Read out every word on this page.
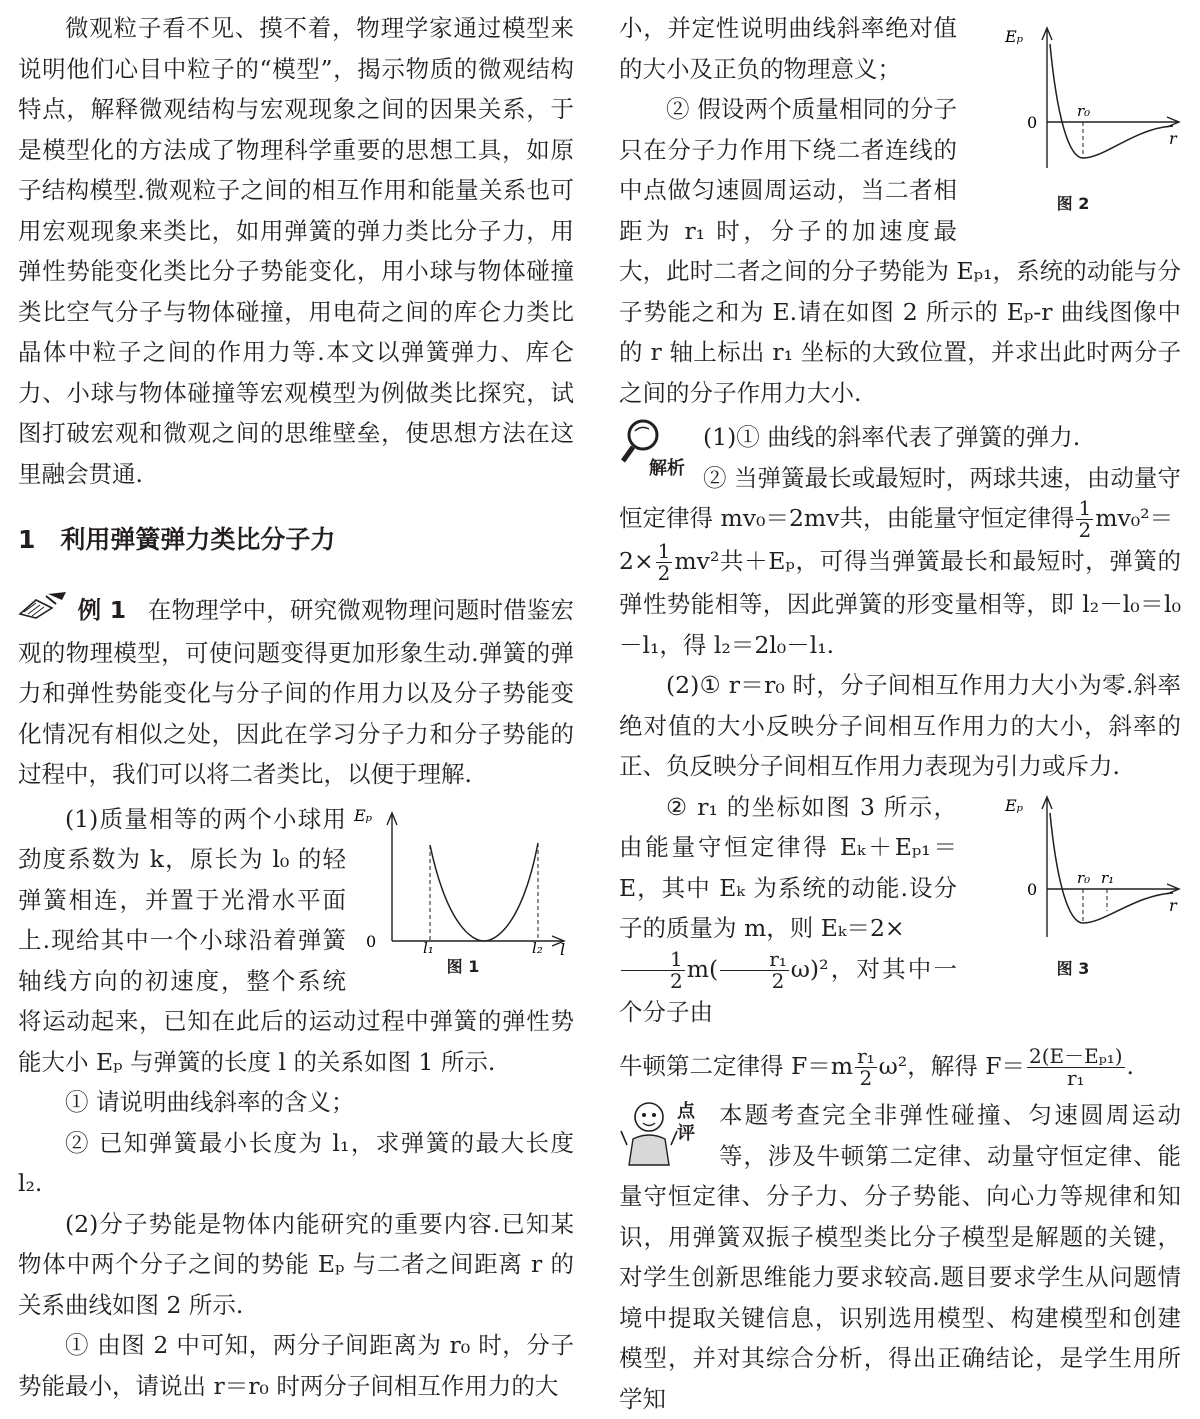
微观粒子看不见、摸不着，物理学家通过模型来说明他们心目中粒子的“模型”，揭示物质的微观结构特点，解释微观结构与宏观现象之间的因果关系，于是模型化的方法成了物理科学重要的思想工具，如原子结构模型.微观粒子之间的相互作用和能量关系也可用宏观现象来类比，如用弹簧的弹力类比分子力，用弹性势能变化类比分子势能变化，用小球与物体碰撞类比空气分子与物体碰撞，用电荷之间的库仑力类比晶体中粒子之间的作用力等.本文以弹簧弹力、库仑力、小球与物体碰撞等宏观模型为例做类比探究，试图打破宏观和微观之间的思维壁垒，使思想方法在这里融会贯通.

1　利用弹簧弹力类比分子力

例 1 在物理学中，研究微观物理问题时借鉴宏观的物理模型，可使问题变得更加形象生动.弹簧的弹力和弹性势能变化与分子间的作用力以及分子势能变化情况有相似之处，因此在学习分子力和分子势能的过程中，我们可以将二者类比，以便于理解.

Eₚ
0	l₁	l₂ l
图 1

(1)质量相等的两个小球用劲度系数为 k，原长为 l₀ 的轻弹簧相连，并置于光滑水平面上.现给其中一个小球沿着弹簧轴线方向的初速度，整个系统将运动起来，已知在此后的运动过程中弹簧的弹性势能大小 Eₚ 与弹簧的长度 l 的关系如图 1 所示.

① 请说明曲线斜率的含义；

② 已知弹簧最小长度为 l₁，求弹簧的最大长度 l₂.

(2)分子势能是物体内能研究的重要内容.已知某物体中两个分子之间的势能 Eₚ 与二者之间距离 r 的关系曲线如图 2 所示.

① 由图 2 中可知，两分子间距离为 r₀ 时，分子势能最小，请说出 r＝r₀ 时两分子间相互作用力的大

Eₚ
0
r₀
r
图 2

小，并定性说明曲线斜率绝对值的大小及正负的物理意义；

② 假设两个质量相同的分子只在分子力作用下绕二者连线的中点做匀速圆周运动，当二者相距为 r₁ 时，分子的加速度最大，此时二者之间的分子势能为 Eₚ₁，系统的动能与分子势能之和为 E.请在如图 2 所示的 Eₚ-r 曲线图像中的 r 轴上标出 r₁ 坐标的大致位置，并求出此时两分子之间的分子作用力大小.

解析

(1)① 曲线的斜率代表了弹簧的弹力.

② 当弹簧最长或最短时，两球共速，由动量守恒定律得 mv₀＝2mv共，由能量守恒定律得 $\frac{1}{2} mv_0^2=$
$2\times \frac{1}{2} mv^2$共＋Eₚ，可得当弹簧最长和最短时，弹簧的弹性势能相等，因此弹簧的形变量相等，即 l₂－l₀＝l₀－l₁，得 l₂＝2l₀－l₁.

(2)① r＝r₀ 时，分子间相互作用力大小为零.斜率绝对值的大小反映分子间相互作用力的大小，斜率的正、负反映分子间相互作用力表现为引力或斥力.

Eₚ
0
r₀ r₁
r
图 3

② r₁ 的坐标如图 3 所示，由能量守恒定律得 Eₖ＋Eₚ₁＝E，其中 Eₖ 为系统的动能.设分子的质量为 m，则 Eₖ＝2×

$\frac{1}{2} m( \frac{\text{r₁}}{2} \omega)^2$，对其中一个分子由

牛顿第二定律得 $F=m \frac{\text{r₁}}{2} \omega^2$，解得 $F= \frac{\text{2(E－Eₚ₁)}}{\text{r₁}}$ .

点
评

本题考查完全非弹性碰撞、匀速圆周运动等，涉及牛顿第二定律、动量守恒定律、能量守恒定律、分子力、分子势能、向心力等规律和知识，用弹簧双振子模型类比分子模型是解题的关键，对学生创新思维能力要求较高.题目要求学生从问题情境中提取关键信息，识别选用模型、构建模型和创建模型，并对其综合分析，得出正确结论，是学生用所学知
